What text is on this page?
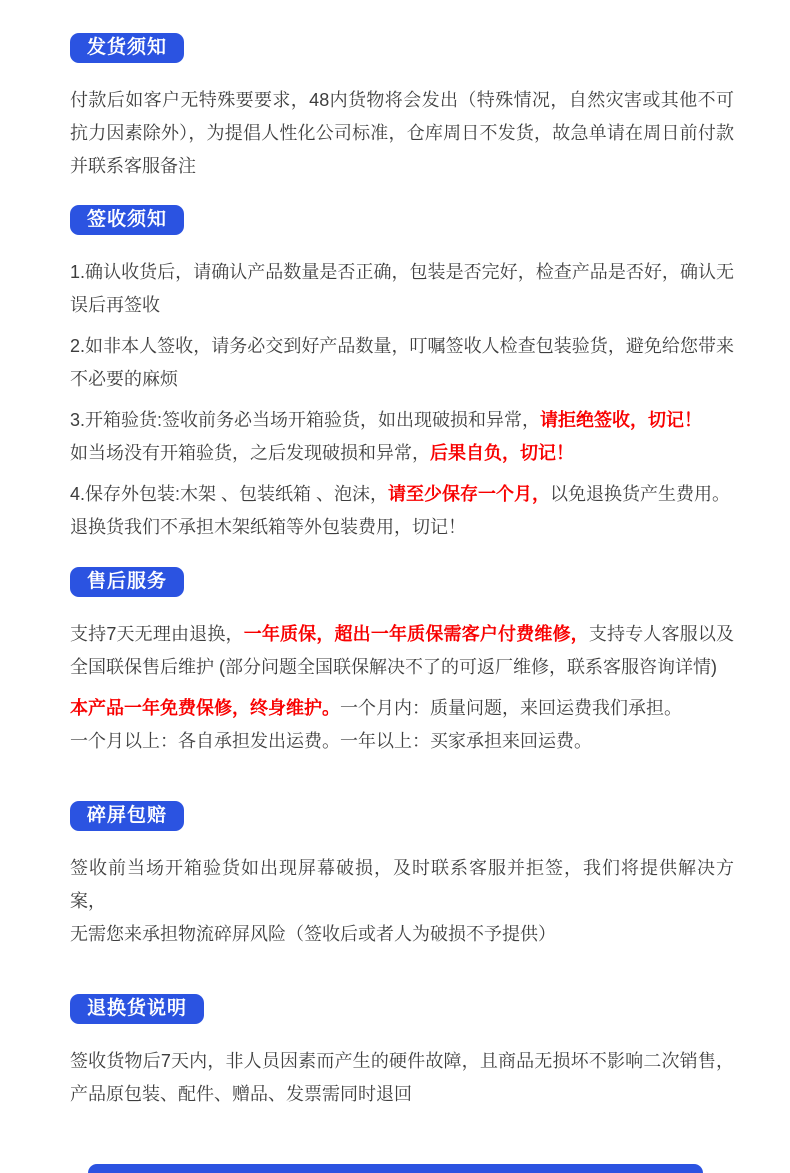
发货须知

付款后如客户无特殊要要求，48内货物将会发出（特殊情况，自然灾害或其他不可抗力因素除外），为提倡人性化公司标准，仓库周日不发货，故急单请在周日前付款并联系客服备注

签收须知

1.确认收货后，请确认产品数量是否正确，包装是否完好，检查产品是否好，确认无误后再签收

2.如非本人签收，请务必交到好产品数量，叮嘱签收人检查包装验货，避免给您带来不必要的麻烦

3.开箱验货:签收前务必当场开箱验货，如出现破损和异常，请拒绝签收，切记！
如当场没有开箱验货，之后发现破损和异常，后果自负，切记！

4.保存外包装:木架 、包装纸箱 、泡沫，请至少保存一个月，以免退换货产生费用。
退换货我们不承担木架纸箱等外包装费用，切记！

售后服务

支持7天无理由退换，一年质保，超出一年质保需客户付费维修，支持专人客服以及全国联保售后维护 (部分问题全国联保解决不了的可返厂维修，联系客服咨询详情)

本产品一年免费保修，终身维护。一个月内：质量问题，来回运费我们承担。
一个月以上：各自承担发出运费。一年以上：买家承担来回运费。

碎屏包赔

签收前当场开箱验货如出现屏幕破损，及时联系客服并拒签，我们将提供解决方案，
无需您来承担物流碎屏风险（签收后或者人为破损不予提供）

退换货说明

签收货物后7天内，非人员因素而产生的硬件故障，且商品无损坏不影响二次销售，产品原包装、配件、赠品、发票需同时退回
